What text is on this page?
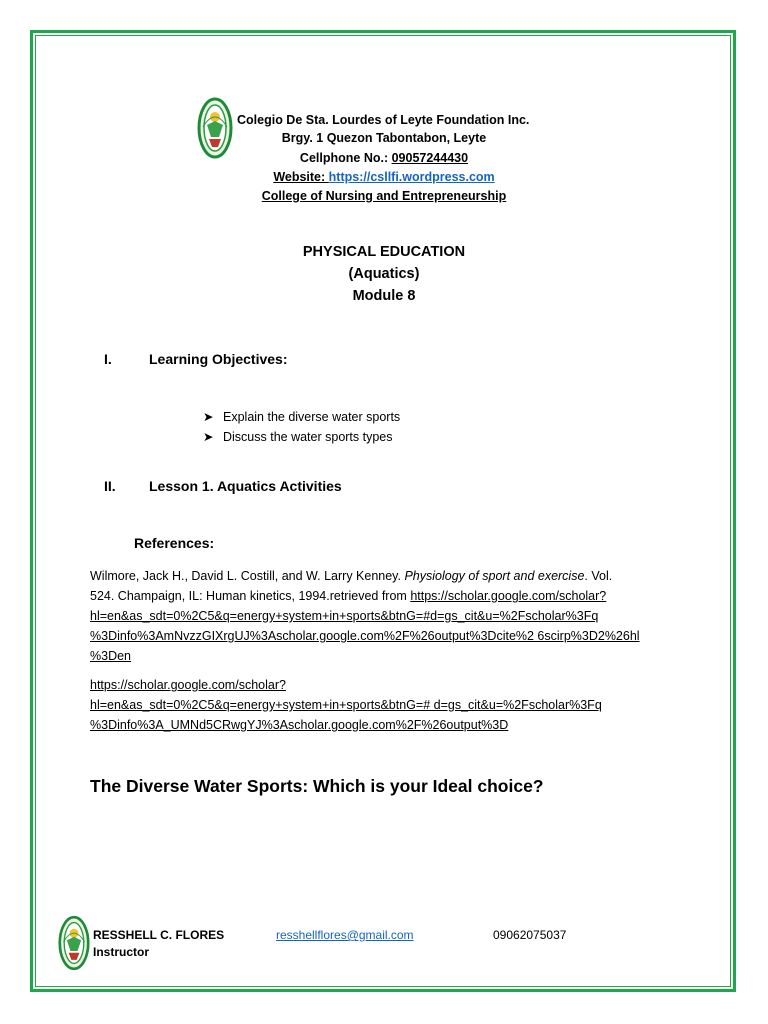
Colegio De Sta. Lourdes of Leyte Foundation Inc.
Brgy. 1 Quezon Tabontabon, Leyte
Cellphone No.: 09057244430
Website: https://csllfi.wordpress.com
College of Nursing and Entrepreneurship
PHYSICAL EDUCATION
(Aquatics)
Module 8
I.	Learning Objectives:
➤ Explain the diverse water sports
➤ Discuss the water sports types
II. Lesson 1. Aquatics Activities
References:
Wilmore, Jack H., David L. Costill, and W. Larry Kenney. Physiology of sport and exercise. Vol.
524. Champaign, IL: Human kinetics, 1994.retrieved from https://scholar.google.com/scholar?
hl=en&as_sdt=0%2C5&q=energy+system+in+sports&btnG=#d=gs_cit&u=%2Fscholar%3Fq
%3Dinfo%3AmNvzzGIXrgUJ%3Ascholar.google.com%2F%26output%3Dcite%2 6scirp%3D2%26hl
%3Den
https://scholar.google.com/scholar?
hl=en&as_sdt=0%2C5&q=energy+system+in+sports&btnG=# d=gs_cit&u=%2Fscholar%3Fq
%3Dinfo%3A_UMNd5CRwgYJ%3Ascholar.google.com%2F%26output%3D
The Diverse Water Sports: Which is your Ideal choice?
RESSHELL C. FLORES
Instructor
resshellflores@gmail.com	09062075037
